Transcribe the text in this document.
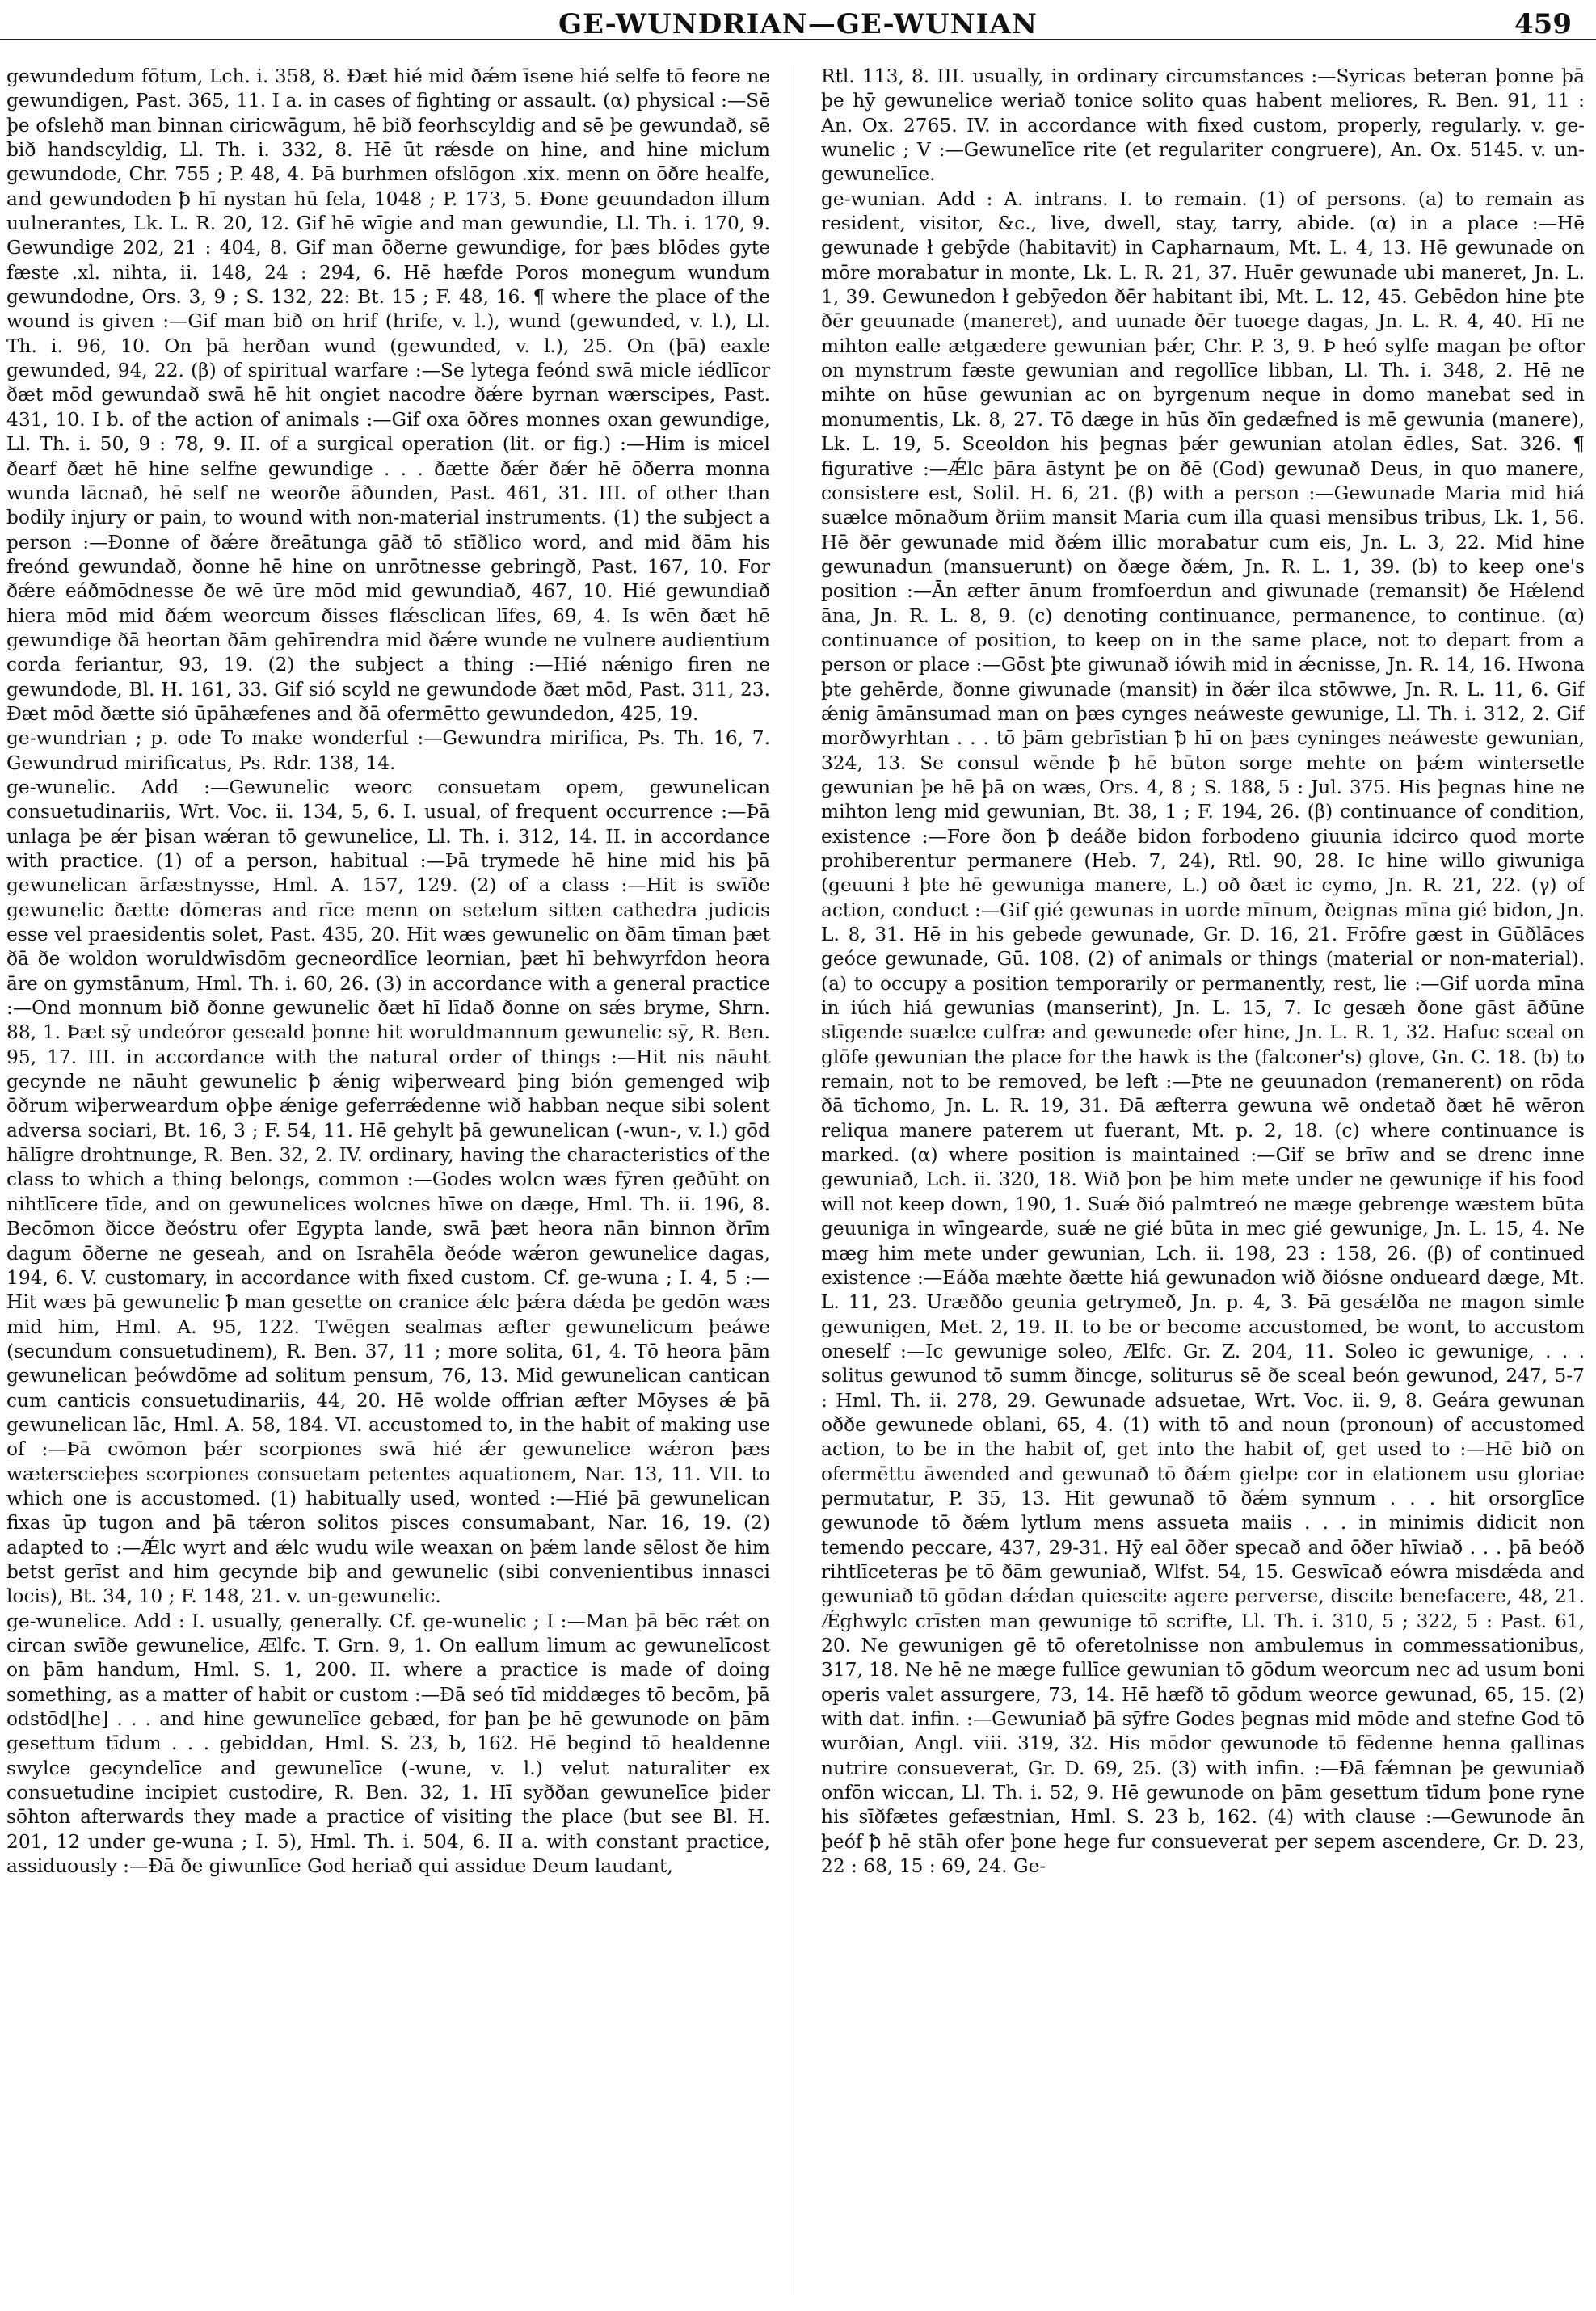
GE-WUNDRIAN—GE-WUNIAN	459

gewundedum fōtum, Lch. i. 358, 8. Ðæt hié mid ðǽm īsene hié selfe tō feore ne gewundigen, Past. 365, 11. I a. in cases of fighting or assault. (α) physical :—Sē þe ofslehð man binnan ciricwāgum, hē bið feorhscyldig and sē þe gewundað, sē bið handscyldig, Ll. Th. i. 332, 8. Hē ūt rǽsde on hine, and hine miclum gewundode, Chr. 755 ; P. 48, 4. Þā burhmen ofslōgon .xix. menn on ōðre healfe, and gewundoden ꝥ hī nystan hū fela, 1048 ; P. 173, 5. Ðone geuundadon illum uulnerantes, Lk. L. R. 20, 12. Gif hē wīgie and man gewundie, Ll. Th. i. 170, 9. Gewundige 202, 21 : 404, 8. Gif man ōðerne gewundige, for þæs blōdes gyte fæste .xl. nihta, ii. 148, 24 : 294, 6. Hē hæfde Poros monegum wundum gewundodne, Ors. 3, 9 ; S. 132, 22: Bt. 15 ; F. 48, 16. ¶ where the place of the wound is given :—Gif man bið on hrif (hrife, v. l.), wund (gewunded, v. l.), Ll. Th. i. 96, 10. On þā herðan wund (gewunded, v. l.), 25. On (þā) eaxle gewunded, 94, 22. (β) of spiritual warfare :—Se lytega feónd swā micle iédlīcor ðæt mōd gewundað swā hē hit ongiet nacodre ðǽre byrnan wærscipes, Past. 431, 10. I b. of the action of animals :—Gif oxa ōðres monnes oxan gewundige, Ll. Th. i. 50, 9 : 78, 9. II. of a surgical operation (lit. or fig.) :—Him is micel ðearf ðæt hē hine selfne gewundige . . . ðætte ðǽr ðǽr hē ōðerra monna wunda lācnað, hē self ne weorðe āðunden, Past. 461, 31. III. of other than bodily injury or pain, to wound with non-material instruments. (1) the subject a person :—Ðonne of ðǽre ðreātunga gāð tō stīðlico word, and mid ðām his freónd gewundað, ðonne hē hine on unrōtnesse gebringð, Past. 167, 10. For ðǽre eáðmōdnesse ðe wē ūre mōd mid gewundiað, 467, 10. Hié gewundiað hiera mōd mid ðǽm weorcum ðisses flǽsclican līfes, 69, 4. Is wēn ðæt hē gewundige ðā heortan ðām gehīrendra mid ðǽre wunde ne vulnere audientium corda feriantur, 93, 19. (2) the subject a thing :—Hié nǽnigo firen ne gewundode, Bl. H. 161, 33. Gif sió scyld ne gewundode ðæt mōd, Past. 311, 23. Ðæt mōd ðætte sió ūpāhæfenes and ðā ofermētto gewundedon, 425, 19.

ge-wundrian ; p. ode To make wonderful :—Gewundra mirifica, Ps. Th. 16, 7. Gewundrud mirificatus, Ps. Rdr. 138, 14.

ge-wunelic. Add :—Gewunelic weorc consuetam opem, gewunelican consuetudinariis, Wrt. Voc. ii. 134, 5, 6. I. usual, of frequent occurrence :—Þā unlaga þe ǽr þisan wǽran tō gewunelice, Ll. Th. i. 312, 14. II. in accordance with practice. (1) of a person, habitual :—Þā trymede hē hine mid his þā gewunelican ārfæstnysse, Hml. A. 157, 129. (2) of a class :—Hit is swīðe gewunelic ðætte dōmeras and rīce menn on setelum sitten cathedra judicis esse vel praesidentis solet, Past. 435, 20. Hit wæs gewunelic on ðām tīman þæt ðā ðe woldon woruldwīsdōm gecneordlīce leornian, þæt hī behwyrfdon heora āre on gymstānum, Hml. Th. i. 60, 26. (3) in accordance with a general practice :—Ond monnum bið ðonne gewunelic ðæt hī līdað ðonne on sǽs bryme, Shrn. 88, 1. Þæt sȳ undeóror geseald þonne hit woruldmannum gewunelic sȳ, R. Ben. 95, 17. III. in accordance with the natural order of things :—Hit nis nāuht gecynde ne nāuht gewunelic ꝥ ǽnig wiþerweard þing bión gemenged wiþ ōðrum wiþerweardum oþþe ǽnige geferrǽdenne wið habban neque sibi solent adversa sociari, Bt. 16, 3 ; F. 54, 11. Hē gehylt þā gewunelican (-wun-, v. l.) gōd hālīgre drohtnunge, R. Ben. 32, 2. IV. ordinary, having the characteristics of the class to which a thing belongs, common :—Godes wolcn wæs fȳren geðūht on nihtlīcere tīde, and on gewunelices wolcnes hīwe on dæge, Hml. Th. ii. 196, 8. Becōmon ðicce ðeóstru ofer Egypta lande, swā þæt heora nān binnon ðrīm dagum ōðerne ne geseah, and on Israhēla ðeóde wǽron gewunelice dagas, 194, 6. V. customary, in accordance with fixed custom. Cf. ge-wuna ; I. 4, 5 :—Hit wæs þā gewunelic ꝥ man gesette on cranice ǽlc þǽra dǽda þe gedōn wæs mid him, Hml. A. 95, 122. Twēgen sealmas æfter gewunelicum þeáwe (secundum consuetudinem), R. Ben. 37, 11 ; more solita, 61, 4. Tō heora þām gewunelican þeówdōme ad solitum pensum, 76, 13. Mid gewunelican cantican cum canticis consuetudinariis, 44, 20. Hē wolde offrian æfter Mōyses ǽ þā gewunelican lāc, Hml. A. 58, 184. VI. accustomed to, in the habit of making use of :—Þā cwōmon þǽr scorpiones swā hié ǽr gewunelice wǽron þæs wæterscieþes scorpiones consuetam petentes aquationem, Nar. 13, 11. VII. to which one is accustomed. (1) habitually used, wonted :—Hié þā gewunelican fixas ūp tugon and þā tǽron solitos pisces consumabant, Nar. 16, 19. (2) adapted to :—Ǽlc wyrt and ǽlc wudu wile weaxan on þǽm lande sēlost ðe him betst gerīst and him gecynde biþ and gewunelic (sibi convenientibus innasci locis), Bt. 34, 10 ; F. 148, 21. v. un-gewunelic.

ge-wunelice. Add : I. usually, generally. Cf. ge-wunelic ; I :—Man þā bēc rǽt on circan swīðe gewunelice, Ælfc. T. Grn. 9, 1. On eallum limum ac gewunelīcost on þām handum, Hml. S. 1, 200. II. where a practice is made of doing something, as a matter of habit or custom :—Ðā seó tīd middæges tō becōm, þā odstōd[he] . . . and hine gewunelīce gebæd, for þan þe hē gewunode on þām gesettum tīdum . . . gebiddan, Hml. S. 23, b, 162. Hē begind tō healdenne swylce gecyndelīce and gewunelīce (-wune, v. l.) velut naturaliter ex consuetudine incipiet custodire, R. Ben. 32, 1. Hī syððan gewunelīce þider sōhton afterwards they made a practice of visiting the place (but see Bl. H. 201, 12 under ge-wuna ; I. 5), Hml. Th. i. 504, 6. II a. with constant practice, assiduously :—Ðā ðe giwunlīce God heriað qui assidue Deum laudant,

Rtl. 113, 8. III. usually, in ordinary circumstances :—Syricas beteran þonne þā þe hȳ gewunelice weriað tonice solito quas habent meliores, R. Ben. 91, 11 : An. Ox. 2765. IV. in accordance with fixed custom, properly, regularly. v. ge-wunelic ; V :—Gewunelīce rite (et regulariter congruere), An. Ox. 5145. v. un-gewunelīce.

ge-wunian. Add : A. intrans. I. to remain. (1) of persons. (a) to remain as resident, visitor, &c., live, dwell, stay, tarry, abide. (α) in a place :—Hē gewunade ł gebȳde (habitavit) in Capharnaum, Mt. L. 4, 13. Hē gewunade on mōre morabatur in monte, Lk. L. R. 21, 37. Huēr gewunade ubi maneret, Jn. L. 1, 39. Gewunedon ł gebȳedon ðēr habitant ibi, Mt. L. 12, 45. Gebēdon hine þte ðēr geuunade (maneret), and uunade ðēr tuoege dagas, Jn. L. R. 4, 40. Hī ne mihton ealle ætgædere gewunian þǽr, Chr. P. 3, 9. Þ heó sylfe magan þe oftor on mynstrum fæste gewunian and regollīce libban, Ll. Th. i. 348, 2. Hē ne mihte on hūse gewunian ac on byrgenum neque in domo manebat sed in monumentis, Lk. 8, 27. Tō dæge in hūs ðīn gedæfned is mē gewunia (manere), Lk. L. 19, 5. Sceoldon his þegnas þǽr gewunian atolan ēdles, Sat. 326. ¶ figurative :—Ǽlc þāra āstynt þe on ðē (God) gewunað Deus, in quo manere, consistere est, Solil. H. 6, 21. (β) with a person :—Gewunade Maria mid hiá suælce mōnaðum ðriim mansit Maria cum illa quasi mensibus tribus, Lk. 1, 56. Hē ðēr gewunade mid ðǽm illic morabatur cum eis, Jn. L. 3, 22. Mid hine gewunadun (mansuerunt) on ðæge ðǽm, Jn. R. L. 1, 39. (b) to keep one's position :—Ān æfter ānum fromfoerdun and giwunade (remansit) ðe Hǽlend āna, Jn. R. L. 8, 9. (c) denoting continuance, permanence, to continue. (α) continuance of position, to keep on in the same place, not to depart from a person or place :—Gōst þte giwunað iówih mid in ǽcnisse, Jn. R. 14, 16. Hwona þte gehērde, ðonne giwunade (mansit) in ðǽr ilca stōwwe, Jn. R. L. 11, 6. Gif ǽnig āmānsumad man on þæs cynges neáweste gewunige, Ll. Th. i. 312, 2. Gif morðwyrhtan . . . tō þām gebrīstian ꝥ hī on þæs cyninges neáweste gewunian, 324, 13. Se consul wēnde ꝥ hē būton sorge mehte on þǽm wintersetle gewunian þe hē þā on wæs, Ors. 4, 8 ; S. 188, 5 : Jul. 375. His þegnas hine ne mihton leng mid gewunian, Bt. 38, 1 ; F. 194, 26. (β) continuance of condition, existence :—Fore ðon ꝥ deáðe bidon forbodeno giuunia idcirco quod morte prohiberentur permanere (Heb. 7, 24), Rtl. 90, 28. Ic hine willo giwuniga (geuuni ł þte hē gewuniga manere, L.) oð ðæt ic cymo, Jn. R. 21, 22. (γ) of action, conduct :—Gif gié gewunas in uorde mīnum, ðeignas mīna gié bidon, Jn. L. 8, 31. Hē in his gebede gewunade, Gr. D. 16, 21. Frōfre gæst in Gūðlāces geóce gewunade, Gū. 108. (2) of animals or things (material or non-material). (a) to occupy a position temporarily or permanently, rest, lie :—Gif uorda mīna in iúch hiá gewunias (manserint), Jn. L. 15, 7. Ic gesæh ðone gāst āðūne stīgende suælce culfræ and gewunede ofer hine, Jn. L. R. 1, 32. Hafuc sceal on glōfe gewunian the place for the hawk is the (falconer's) glove, Gn. C. 18. (b) to remain, not to be removed, be left :—Þte ne geuunadon (remanerent) on rōda ðā tīchomo, Jn. L. R. 19, 31. Ðā æfterra gewuna wē ondetað ðæt hē wēron reliqua manere paterem ut fuerant, Mt. p. 2, 18. (c) where continuance is marked. (α) where position is maintained :—Gif se brīw and se drenc inne gewuniað, Lch. ii. 320, 18. Wið þon þe him mete under ne gewunige if his food will not keep down, 190, 1. Suǽ ðió palmtreó ne mæge gebrenge wæstem būta geuuniga in wīngearde, suǽ ne gié būta in mec gié gewunige, Jn. L. 15, 4. Ne mæg him mete under gewunian, Lch. ii. 198, 23 : 158, 26. (β) of continued existence :—Eáða mæhte ðætte hiá gewunadon wið ðiósne ondueard dæge, Mt. L. 11, 23. Uræððo geunia getrymeð, Jn. p. 4, 3. Þā gesǽlða ne magon simle gewunigen, Met. 2, 19. II. to be or become accustomed, be wont, to accustom oneself :—Ic gewunige soleo, Ælfc. Gr. Z. 204, 11. Soleo ic gewunige, . . . solitus gewunod tō summ ðincge, soliturus sē ðe sceal beón gewunod, 247, 5-7 : Hml. Th. ii. 278, 29. Gewunade adsuetae, Wrt. Voc. ii. 9, 8. Geára gewunan oððe gewunede oblani, 65, 4. (1) with tō and noun (pronoun) of accustomed action, to be in the habit of, get into the habit of, get used to :—Hē bið on ofermēttu āwended and gewunað tō ðǽm gielpe cor in elationem usu gloriae permutatur, P. 35, 13. Hit gewunað tō ðǽm synnum . . . hit orsorglīce gewunode tō ðǽm lytlum mens assueta maiis . . . in minimis didicit non temendo peccare, 437, 29-31. Hȳ eal ōðer specað and ōðer hīwiað . . . þā beóð rihtlīceteras þe tō ðām gewuniað, Wlfst. 54, 15. Geswīcað eówra misdǽda and gewuniað tō gōdan dǽdan quiescite agere perverse, discite benefacere, 48, 21. Ǽghwylc crīsten man gewunige tō scrifte, Ll. Th. i. 310, 5 ; 322, 5 : Past. 61, 20. Ne gewunigen gē tō oferetolnisse non ambulemus in commessationibus, 317, 18. Ne hē ne mæge fullīce gewunian tō gōdum weorcum nec ad usum boni operis valet assurgere, 73, 14. Hē hæfð tō gōdum weorce gewunad, 65, 15. (2) with dat. infin. :—Gewuniað þā sȳfre Godes þegnas mid mōde and stefne God tō wurðian, Angl. viii. 319, 32. His mōdor gewunode tō fēdenne henna gallinas nutrire consueverat, Gr. D. 69, 25. (3) with infin. :—Ðā fǽmnan þe gewuniað onfōn wiccan, Ll. Th. i. 52, 9. Hē gewunode on þām gesettum tīdum þone ryne his sīðfætes gefæstnian, Hml. S. 23 b, 162. (4) with clause :—Gewunode ān þeóf ꝥ hē stāh ofer þone hege fur consueverat per sepem ascendere, Gr. D. 23, 22 : 68, 15 : 69, 24. Ge-
